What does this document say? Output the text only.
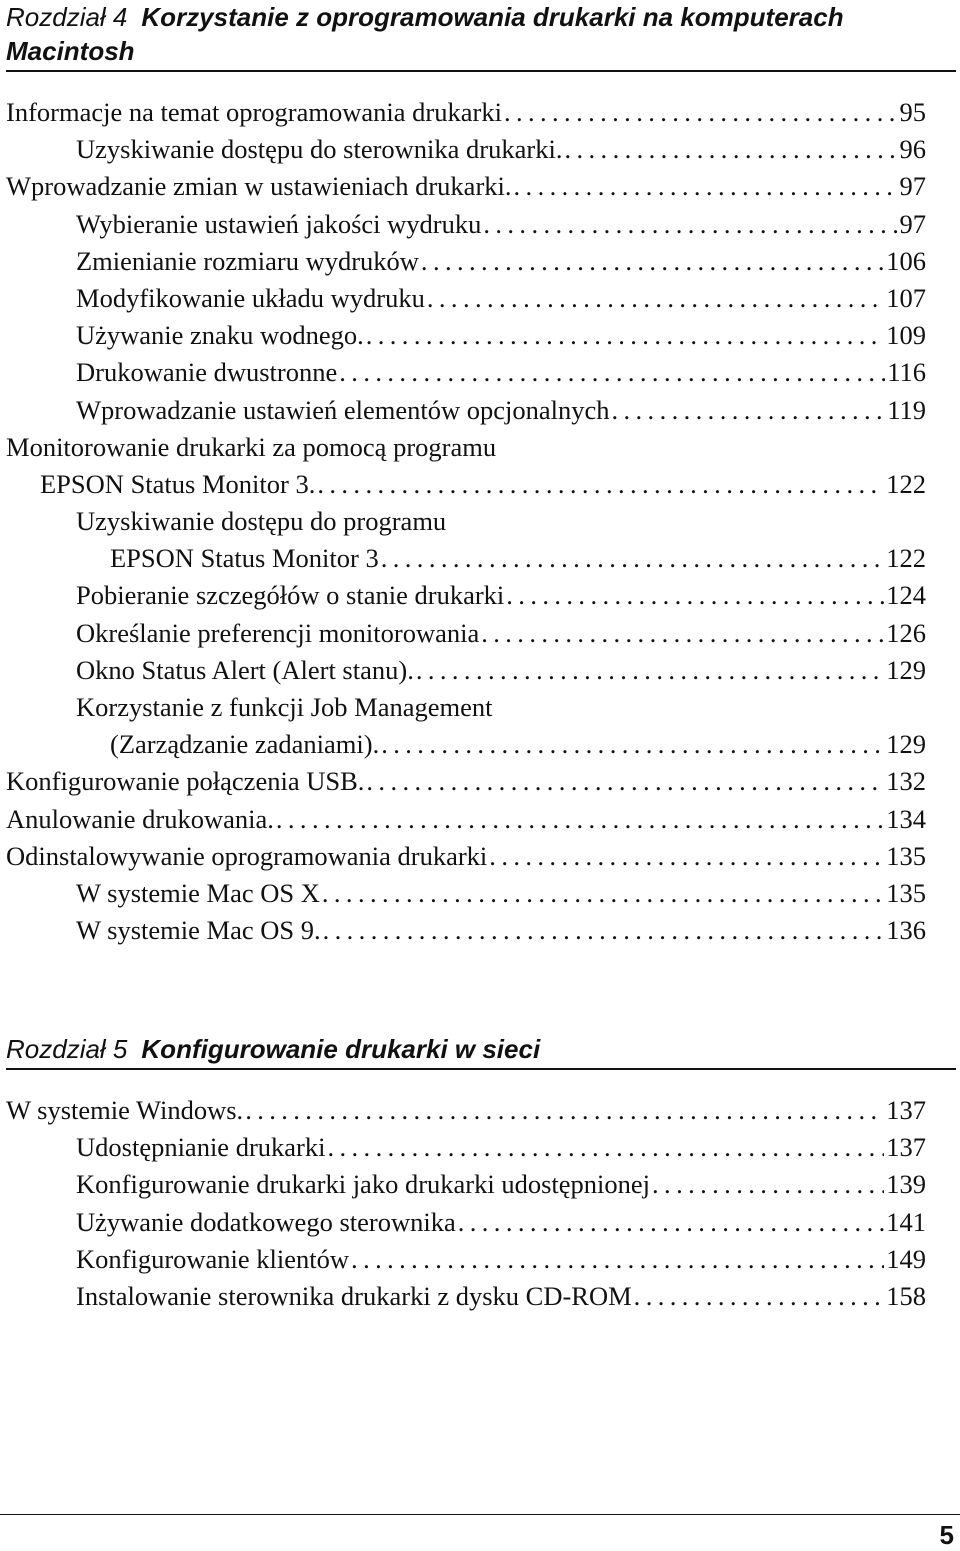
Rozdział 4 Korzystanie z oprogramowania drukarki na komputerach Macintosh
Informacje na temat oprogramowania drukarki .....	95
Uzyskiwanie dostępu do sterownika drukarki. .....	96
Wprowadzanie zmian w ustawieniach drukarki. .....	97
Wybieranie ustawień jakości wydruku .....	97
Zmienianie rozmiaru wydruków .....	106
Modyfikowanie układu wydruku .....	107
Używanie znaku wodnego. .....	109
Drukowanie dwustronne .....	116
Wprowadzanie ustawień elementów opcjonalnych .....	119
Monitorowanie drukarki za pomocą programu
EPSON Status Monitor 3. .....	122
Uzyskiwanie dostępu do programu
EPSON Status Monitor 3 .....	122
Pobieranie szczegółów o stanie drukarki .....	124
Określanie preferencji monitorowania .....	126
Okno Status Alert (Alert stanu). .....	129
Korzystanie z funkcji Job Management
(Zarządzanie zadaniami). .....	129
Konfigurowanie połączenia USB. .....	132
Anulowanie drukowania. .....	134
Odinstalowywanie oprogramowania drukarki .....	135
W systemie Mac OS X .....	135
W systemie Mac OS 9. .....	136
Rozdział 5 Konfigurowanie drukarki w sieci
W systemie Windows. .....	137
Udostępnianie drukarki .....	137
Konfigurowanie drukarki jako drukarki udostępnionej .....	139
Używanie dodatkowego sterownika .....	141
Konfigurowanie klientów .....	149
Instalowanie sterownika drukarki z dysku CD-ROM .....	158
5
